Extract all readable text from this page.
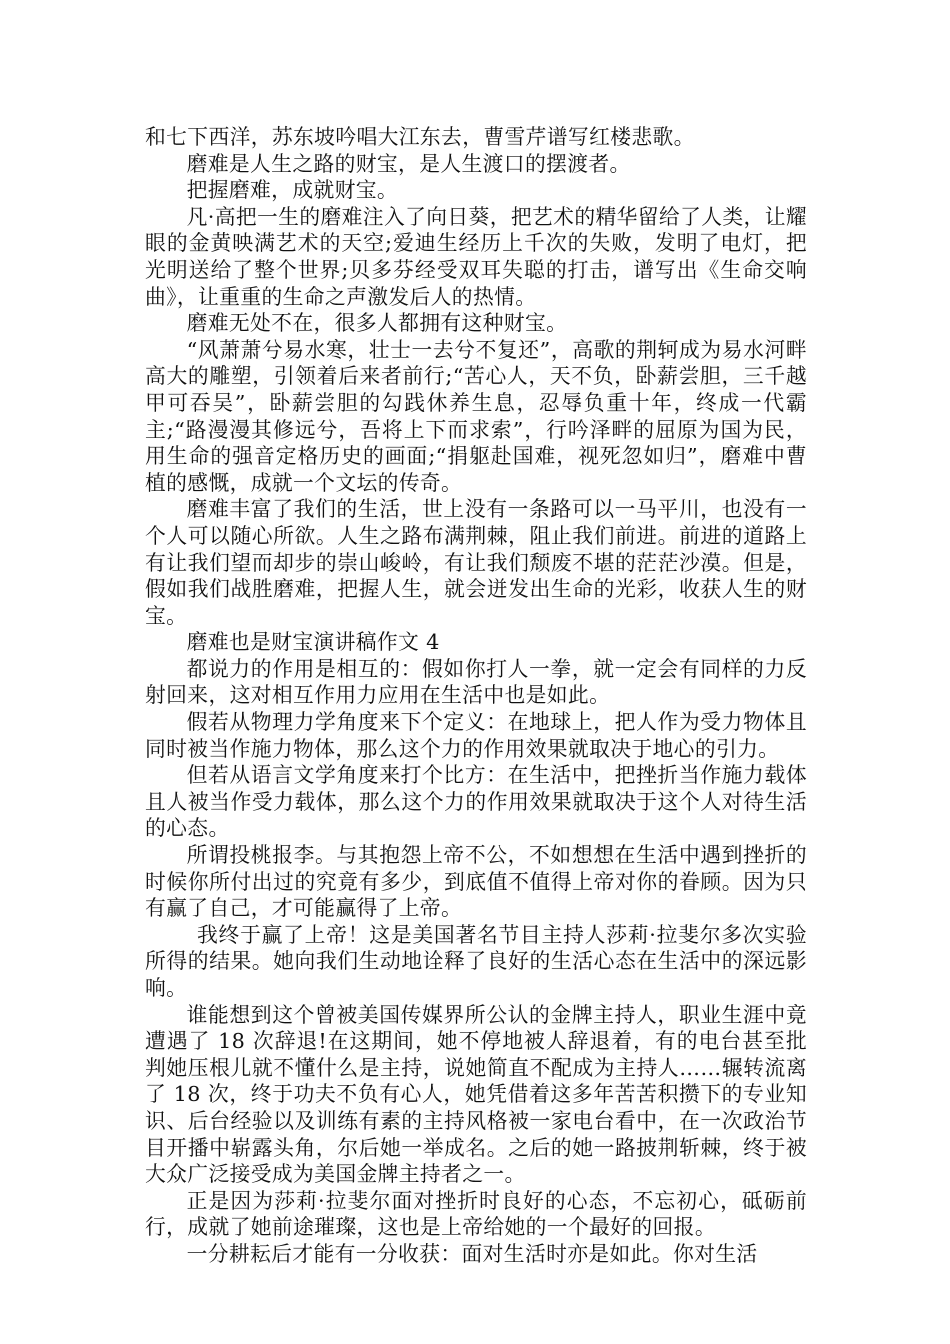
和七下西洋，苏东坡吟唱大江东去，曹雪芹谱写红楼悲歌。

磨难是人生之路的财宝，是人生渡口的摆渡者。

把握磨难，成就财宝。

凡·高把一生的磨难注入了向日葵，把艺术的精华留给了人类，让耀眼的金黄映满艺术的天空;爱迪生经历上千次的失败，发明了电灯，把光明送给了整个世界;贝多芬经受双耳失聪的打击，谱写出《生命交响曲》，让重重的生命之声激发后人的热情。

磨难无处不在，很多人都拥有这种财宝。

“风萧萧兮易水寒，壮士一去兮不复还”，高歌的荆轲成为易水河畔高大的雕塑，引领着后来者前行;“苦心人，天不负，卧薪尝胆，三千越甲可吞吴”，卧薪尝胆的勾践休养生息，忍辱负重十年，终成一代霸主;“路漫漫其修远兮，吾将上下而求索”，行吟泽畔的屈原为国为民，用生命的强音定格历史的画面;“捐躯赴国难，视死忽如归”，磨难中曹植的感慨，成就一个文坛的传奇。

磨难丰富了我们的生活，世上没有一条路可以一马平川，也没有一个人可以随心所欲。人生之路布满荆棘，阻止我们前进。前进的道路上有让我们望而却步的崇山峻岭，有让我们颓废不堪的茫茫沙漠。但是，假如我们战胜磨难，把握人生，就会迸发出生命的光彩，收获人生的财宝。

磨难也是财宝演讲稿作文 4

都说力的作用是相互的：假如你打人一拳，就一定会有同样的力反射回来，这对相互作用力应用在生活中也是如此。

假若从物理力学角度来下个定义：在地球上，把人作为受力物体且同时被当作施力物体，那么这个力的作用效果就取决于地心的引力。

但若从语言文学角度来打个比方：在生活中，把挫折当作施力载体且人被当作受力载体，那么这个力的作用效果就取决于这个人对待生活的心态。

所谓投桃报李。与其抱怨上帝不公，不如想想在生活中遇到挫折的时候你所付出过的究竟有多少，到底值不值得上帝对你的眷顾。因为只有赢了自己，才可能赢得了上帝。

我终于赢了上帝！这是美国著名节目主持人莎莉·拉斐尔多次实验所得的结果。她向我们生动地诠释了良好的生活心态在生活中的深远影响。

谁能想到这个曾被美国传媒界所公认的金牌主持人，职业生涯中竟遭遇了 18 次辞退!在这期间，她不停地被人辞退着，有的电台甚至批判她压根儿就不懂什么是主持，说她简直不配成为主持人……辗转流离了 18 次，终于功夫不负有心人，她凭借着这多年苦苦积攒下的专业知识、后台经验以及训练有素的主持风格被一家电台看中，在一次政治节目开播中崭露头角，尔后她一举成名。之后的她一路披荆斩棘，终于被大众广泛接受成为美国金牌主持者之一。

正是因为莎莉·拉斐尔面对挫折时良好的心态，不忘初心，砥砺前行，成就了她前途璀璨，这也是上帝给她的一个最好的回报。

一分耕耘后才能有一分收获：面对生活时亦是如此。你对生活
